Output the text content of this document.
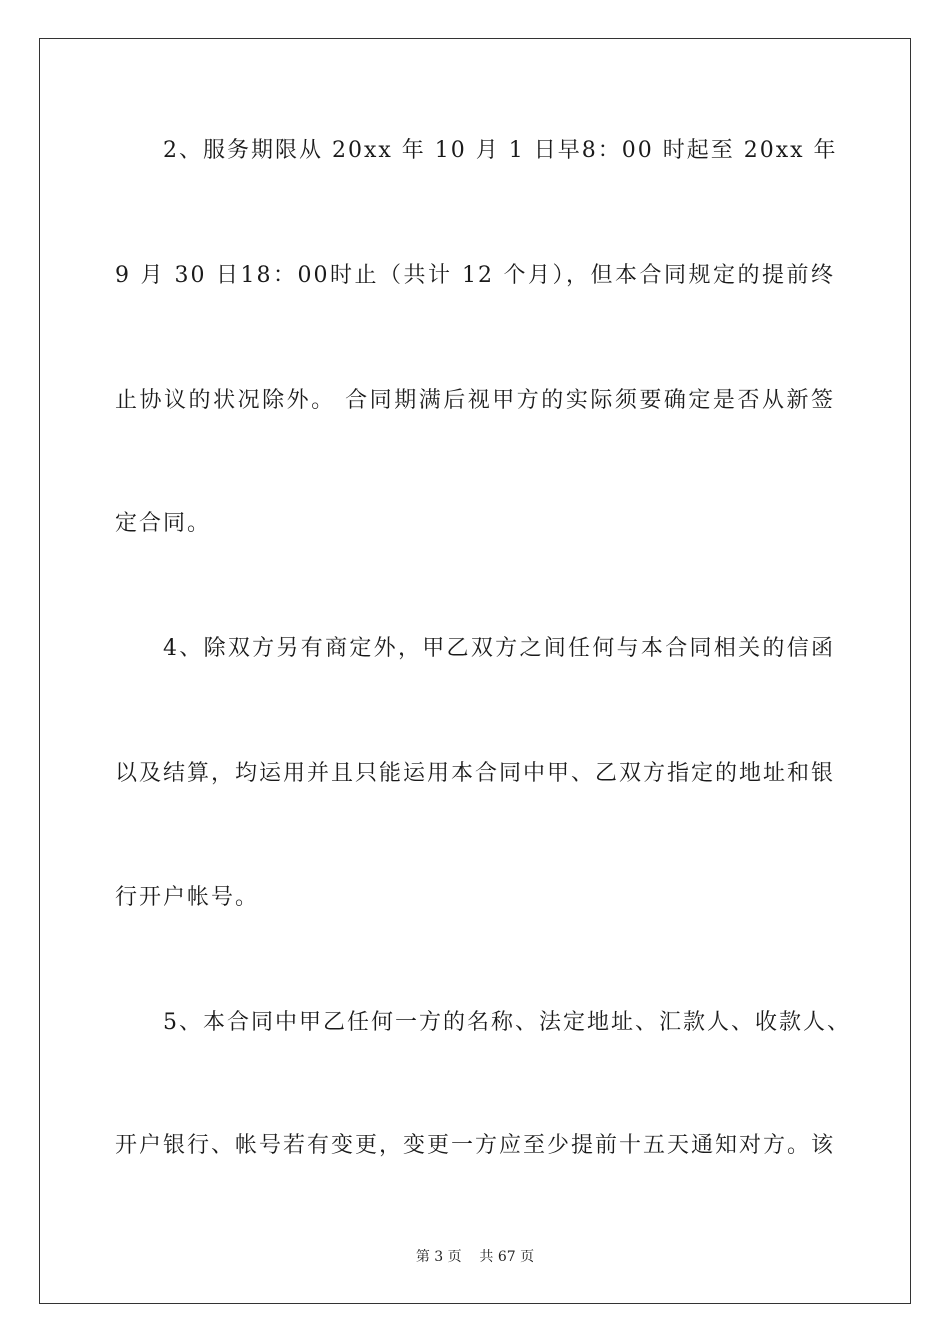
2、服务期限从 20xx 年 10 月 1 日早8：00 时起至 20xx 年
9 月 30 日18：00时止（共计 12 个月），但本合同规定的提前终
止协议的状况除外。 合同期满后视甲方的实际须要确定是否从新签
定合同。
4、除双方另有商定外，甲乙双方之间任何与本合同相关的信函
以及结算，均运用并且只能运用本合同中甲、乙双方指定的地址和银
行开户帐号。
5、本合同中甲乙任何一方的名称、法定地址、汇款人、收款人、
开户银行、帐号若有变更，变更一方应至少提前十五天通知对方。该
第 3 页    共 67 页
